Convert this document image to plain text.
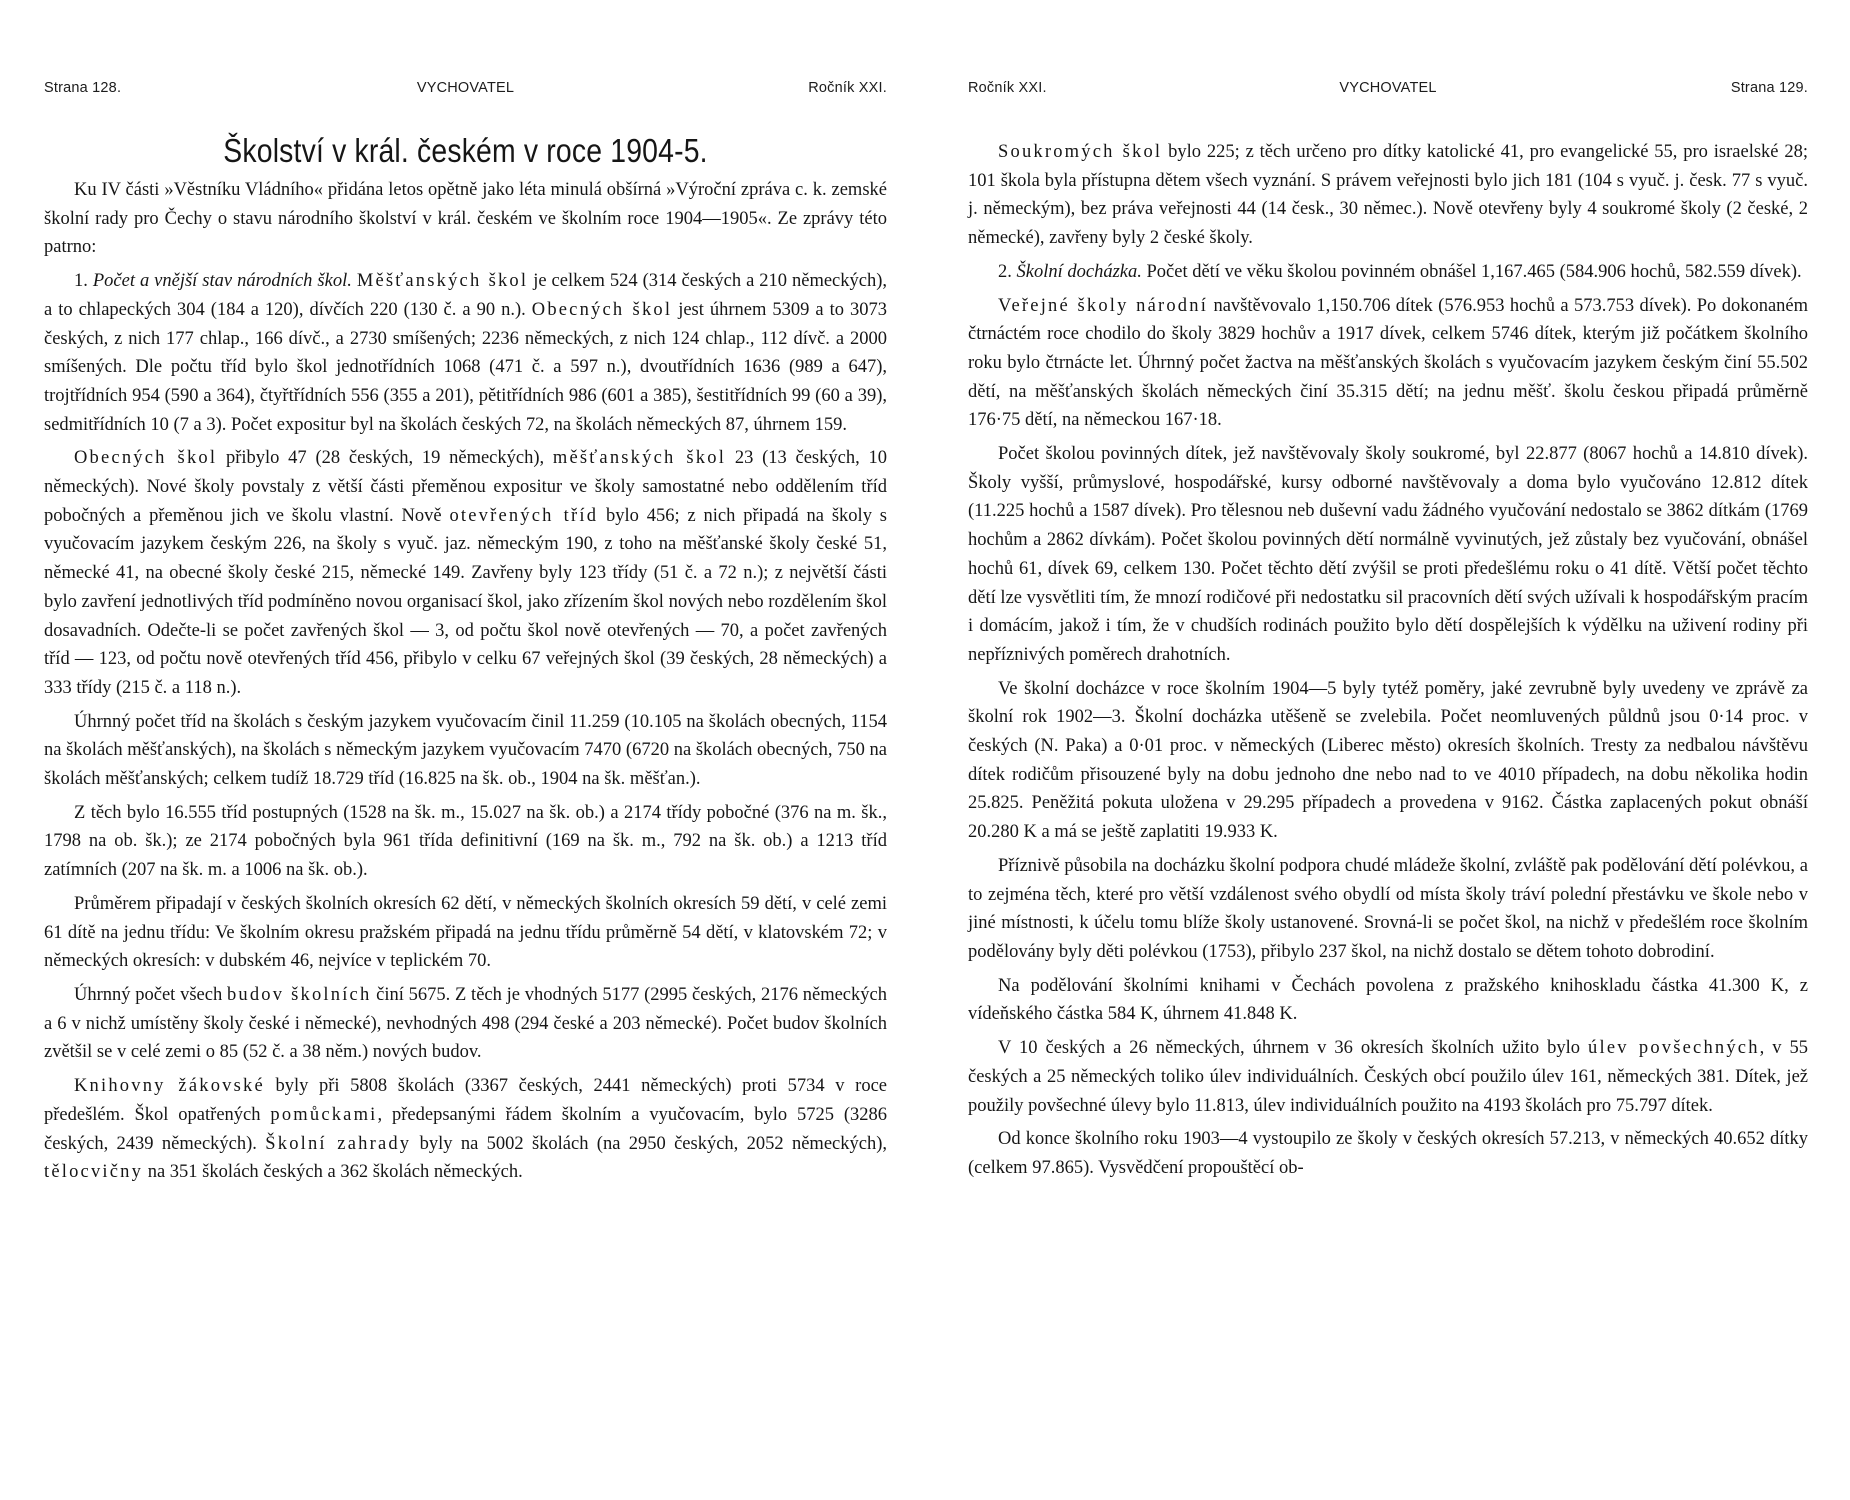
Strana 128.	VYCHOVATEL	Ročník XXI.
Školství v král. českém v roce 1904-5.

Ku IV části »Věstníku Vládního« přidána letos opětně jako léta minulá obšírná »Výroční zpráva c. k. zemské školní rady pro Čechy o stavu národního školství v král. českém ve školním roce 1904—1905«. Ze zprávy této patrno:

1. Počet a vnější stav národních škol. Měšťanských škol je celkem 524 (314 českých a 210 německých), a to chlapeckých 304 (184 a 120), dívčích 220 (130 č. a 90 n.). Obecných škol jest úhrnem 5309 a to 3073 českých, z nich 177 chlap., 166 dívč., a 2730 smíšených; 2236 německých, z nich 124 chlap., 112 dívč. a 2000 smíšených. Dle počtu tříd bylo škol jednotřídních 1068 (471 č. a 597 n.), dvoutřídních 1636 (989 a 647), trojtřídních 954 (590 a 364), čtyřtřídních 556 (355 a 201), pětitřídních 986 (601 a 385), šestitřídních 99 (60 a 39), sedmitřídních 10 (7 a 3). Počet expositur byl na školách českých 72, na školách německých 87, úhrnem 159.

Obecných škol přibylo 47 (28 českých, 19 německých), měšťanských škol 23 (13 českých, 10 německých). Nové školy povstaly z větší části přeměnou expositur ve školy samostatné nebo oddělením tříd pobočných a přeměnou jich ve školu vlastní. Nově otevřených tříd bylo 456; z nich připadá na školy s vyučovacím jazykem českým 226, na školy s vyuč. jaz. německým 190, z toho na měšťanské školy české 51, německé 41, na obecné školy české 215, německé 149. Zavřeny byly 123 třídy (51 č. a 72 n.); z největší části bylo zavření jednotlivých tříd podmíněno novou organisací škol, jako zřízením škol nových nebo rozdělením škol dosavadních. Odečte-li se počet zavřených škol — 3, od počtu škol nově otevřených — 70, a počet zavřených tříd — 123, od počtu nově otevřených tříd 456, přibylo v celku 67 veřejných škol (39 českých, 28 německých) a 333 třídy (215 č. a 118 n.).

Úhrnný počet tříd na školách s českým jazykem vyučovacím činil 11.259 (10.105 na školách obecných, 1154 na školách měšťanských), na školách s německým jazykem vyučovacím 7470 (6720 na školách obecných, 750 na školách měšťanských; celkem tudíž 18.729 tříd (16.825 na šk. ob., 1904 na šk. měšťan.).

Z těch bylo 16.555 tříd postupných (1528 na šk. m., 15.027 na šk. ob.) a 2174 třídy pobočné (376 na m. šk., 1798 na ob. šk.); ze 2174 pobočných byla 961 třída definitivní (169 na šk. m., 792 na šk. ob.) a 1213 tříd zatímních (207 na šk. m. a 1006 na šk. ob.).

Průměrem připadají v českých školních okresích 62 dětí, v německých školních okresích 59 dětí, v celé zemi 61 dítě na jednu třídu: Ve školním okresu pražském připadá na jednu třídu průměrně 54 dětí, v klatovském 72; v německých okresích: v dubském 46, nejvíce v teplickém 70.

Úhrnný počet všech budov školních činí 5675. Z těch je vhodných 5177 (2995 českých, 2176 německých a 6 v nichž umístěny školy české i německé), nevhodných 498 (294 české a 203 německé). Počet budov školních zvětšil se v celé zemi o 85 (52 č. a 38 něm.) nových budov.

Knihovny žákovské byly při 5808 školách (3367 českých, 2441 německých) proti 5734 v roce předešlém. Škol opatřených pomůckami, předepsanými řádem školním a vyučovacím, bylo 5725 (3286 českých, 2439 německých). Školní zahrady byly na 5002 školách (na 2950 českých, 2052 německých), tělocvičny na 351 školách českých a 362 školách německých.

Ročník XXI.	VYCHOVATEL	Strana 129.

Soukromých škol bylo 225; z těch určeno pro dítky katolické 41, pro evangelické 55, pro israelské 28; 101 škola byla přístupna dětem všech vyznání. S právem veřejnosti bylo jich 181 (104 s vyuč. j. česk. 77 s vyuč. j. německým), bez práva veřejnosti 44 (14 česk., 30 němec.). Nově otevřeny byly 4 soukromé školy (2 české, 2 německé), zavřeny byly 2 české školy.

2. Školní docházka. Počet dětí ve věku školou povinném obnášel 1,167.465 (584.906 hochů, 582.559 dívek).

Veřejné školy národní navštěvovalo 1,150.706 dítek (576.953 hochů a 573.753 dívek). Po dokonaném čtrnáctém roce chodilo do školy 3829 hochův a 1917 dívek, celkem 5746 dítek, kterým již počátkem školního roku bylo čtrnácte let. Úhrnný počet žactva na měšťanských školách s vyučovacím jazykem českým činí 55.502 dětí, na měšťanských školách německých činí 35.315 dětí; na jednu měšť. školu českou připadá průměrně 176·75 dětí, na německou 167·18.

Počet školou povinných dítek, jež navštěvovaly školy soukromé, byl 22.877 (8067 hochů a 14.810 dívek). Školy vyšší, průmyslové, hospodářské, kursy odborné navštěvovaly a doma bylo vyučováno 12.812 dítek (11.225 hochů a 1587 dívek). Pro tělesnou neb duševní vadu žádného vyučování nedostalo se 3862 dítkám (1769 hochům a 2862 dívkám). Počet školou povinných dětí normálně vyvinutých, jež zůstaly bez vyučování, obnášel hochů 61, dívek 69, celkem 130. Počet těchto dětí zvýšil se proti předešlému roku o 41 dítě. Větší počet těchto dětí lze vysvětliti tím, že mnozí rodičové při nedostatku sil pracovních dětí svých užívali k hospodářským pracím i domácím, jakož i tím, že v chudších rodinách použito bylo dětí dospělejších k výdělku na uživení rodiny při nepříznivých poměrech drahotních.

Ve školní docházce v roce školním 1904—5 byly tytéž poměry, jaké zevrubně byly uvedeny ve zprávě za školní rok 1902—3. Školní docházka utěšeně se zvelebila. Počet neomluvených půldnů jsou 0·14 proc. v českých (N. Paka) a 0·01 proc. v německých (Liberec město) okresích školních. Tresty za nedbalou návštěvu dítek rodičům přisouzené byly na dobu jednoho dne nebo nad to ve 4010 případech, na dobu několika hodin 25.825. Peněžitá pokuta uložena v 29.295 případech a provedena v 9162. Částka zaplacených pokut obnáší 20.280 K a má se ještě zaplatiti 19.933 K.

Příznivě působila na docházku školní podpora chudé mládeže školní, zvláště pak podělování dětí polévkou, a to zejména těch, které pro větší vzdálenost svého obydlí od místa školy tráví polední přestávku ve škole nebo v jiné místnosti, k účelu tomu blíže školy ustanovené. Srovná-li se počet škol, na nichž v předešlém roce školním podělovány byly děti polévkou (1753), přibylo 237 škol, na nichž dostalo se dětem tohoto dobrodiní.

Na podělování školními knihami v Čechách povolena z pražského knihoskladu částka 41.300 K, z vídeňského částka 584 K, úhrnem 41.848 K.

V 10 českých a 26 německých, úhrnem v 36 okresích školních užito bylo úlev povšechných, v 55 českých a 25 německých toliko úlev individuálních. Českých obcí použilo úlev 161, německých 381. Dítek, jež použily povšechné úlevy bylo 11.813, úlev individuálních použito na 4193 školách pro 75.797 dítek.

Od konce školního roku 1903—4 vystoupilo ze školy v českých okresích 57.213, v německých 40.652 dítky (celkem 97.865). Vysvědčení propouštěcí ob-
